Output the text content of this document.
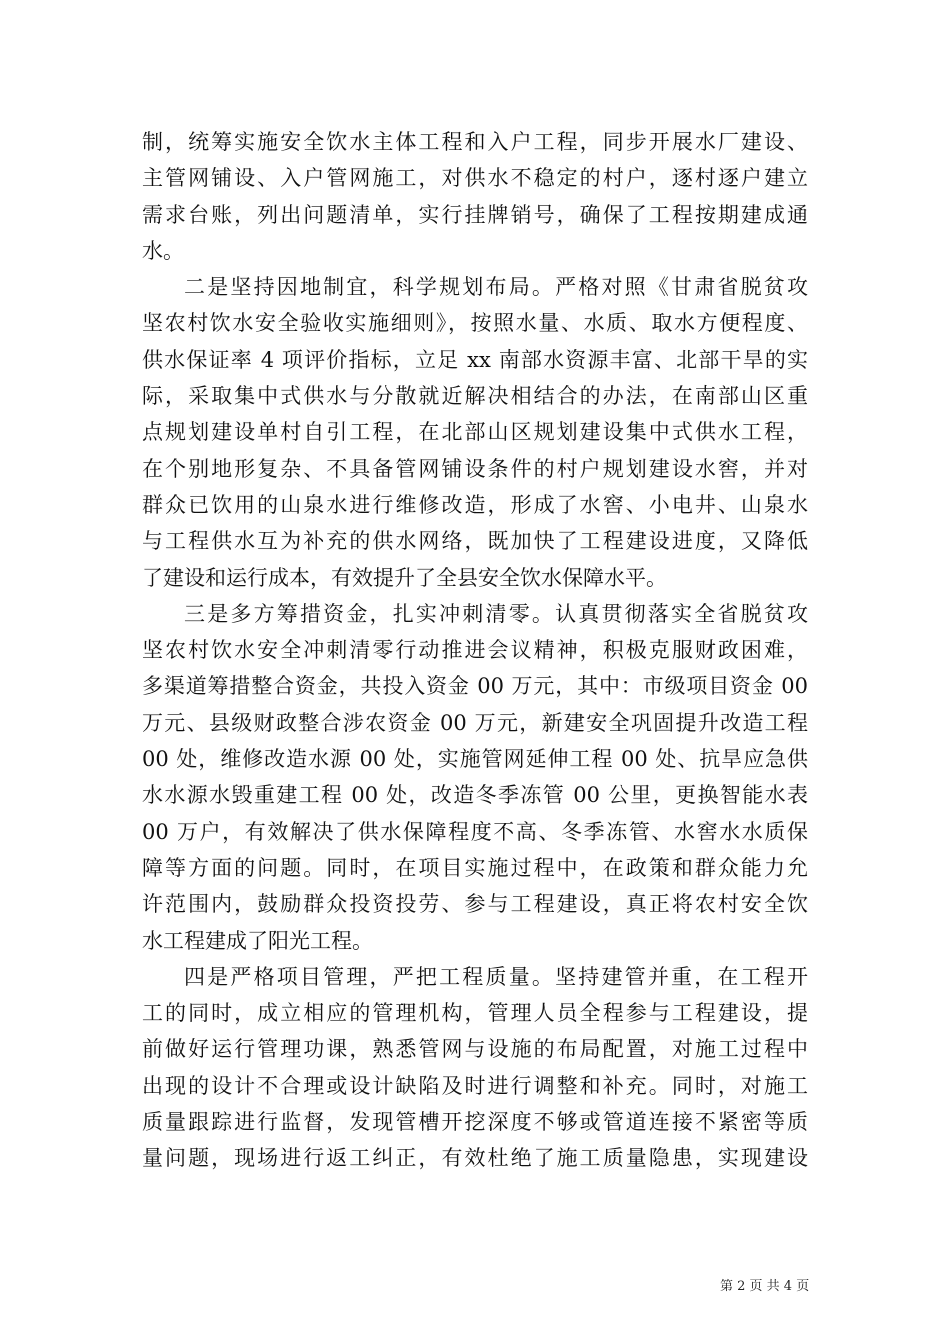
制，统筹实施安全饮水主体工程和入户工程，同步开展水厂建设、
主管网铺设、入户管网施工，对供水不稳定的村户，逐村逐户建立
需求台账，列出问题清单，实行挂牌销号，确保了工程按期建成通
水。
二是坚持因地制宜，科学规划布局。严格对照《甘肃省脱贫攻
坚农村饮水安全验收实施细则》，按照水量、水质、取水方便程度、
供水保证率 4 项评价指标，立足 xx 南部水资源丰富、北部干旱的实
际，采取集中式供水与分散就近解决相结合的办法，在南部山区重
点规划建设单村自引工程，在北部山区规划建设集中式供水工程，
在个别地形复杂、不具备管网铺设条件的村户规划建设水窖，并对
群众已饮用的山泉水进行维修改造，形成了水窖、小电井、山泉水
与工程供水互为补充的供水网络，既加快了工程建设进度，又降低
了建设和运行成本，有效提升了全县安全饮水保障水平。
三是多方筹措资金，扎实冲刺清零。认真贯彻落实全省脱贫攻
坚农村饮水安全冲刺清零行动推进会议精神，积极克服财政困难，
多渠道筹措整合资金，共投入资金 00 万元，其中：市级项目资金 00
万元、县级财政整合涉农资金 00 万元，新建安全巩固提升改造工程
00 处，维修改造水源 00 处，实施管网延伸工程 00 处、抗旱应急供
水水源水毁重建工程 00 处，改造冬季冻管 00 公里，更换智能水表
00 万户，有效解决了供水保障程度不高、冬季冻管、水窖水水质保
障等方面的问题。同时，在项目实施过程中，在政策和群众能力允
许范围内，鼓励群众投资投劳、参与工程建设，真正将农村安全饮
水工程建成了阳光工程。
四是严格项目管理，严把工程质量。坚持建管并重，在工程开
工的同时，成立相应的管理机构，管理人员全程参与工程建设，提
前做好运行管理功课，熟悉管网与设施的布局配置，对施工过程中
出现的设计不合理或设计缺陷及时进行调整和补充。同时，对施工
质量跟踪进行监督，发现管槽开挖深度不够或管道连接不紧密等质
量问题，现场进行返工纠正，有效杜绝了施工质量隐患，实现建设
第 2 页 共 4 页
